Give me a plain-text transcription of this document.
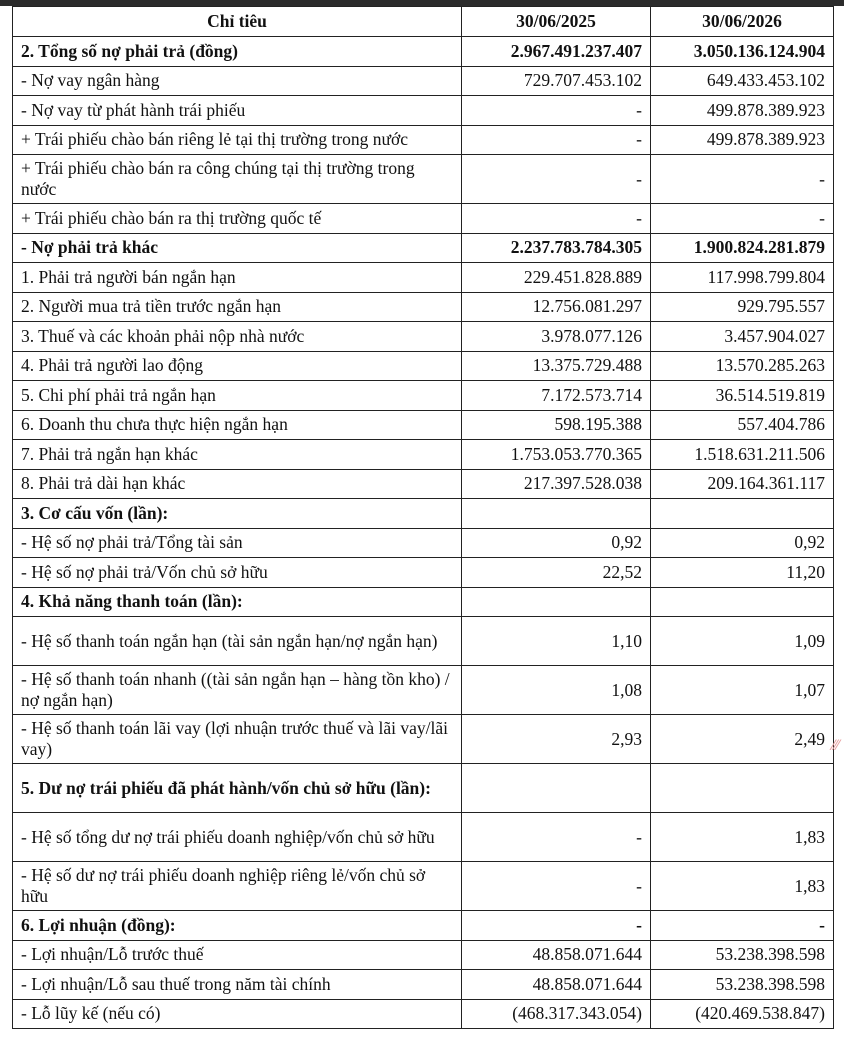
Chỉ tiêu	30/06/2025	30/06/2026
2. Tổng số nợ phải trả (đồng)	2.967.491.237.407	3.050.136.124.904
- Nợ vay ngân hàng	729.707.453.102	649.433.453.102
- Nợ vay từ phát hành trái phiếu	-	499.878.389.923
+ Trái phiếu chào bán riêng lẻ tại thị trường trong nước	-	499.878.389.923
+ Trái phiếu chào bán ra công chúng tại thị trường trong nước	-	-
+ Trái phiếu chào bán ra thị trường quốc tế	-	-
- Nợ phải trả khác	2.237.783.784.305	1.900.824.281.879
1. Phải trả người bán ngắn hạn	229.451.828.889	117.998.799.804
2. Người mua trả tiền trước ngắn hạn	12.756.081.297	929.795.557
3. Thuế và các khoản phải nộp nhà nước	3.978.077.126	3.457.904.027
4. Phải trả người lao động	13.375.729.488	13.570.285.263
5. Chi phí phải trả ngắn hạn	7.172.573.714	36.514.519.819
6. Doanh thu chưa thực hiện ngắn hạn	598.195.388	557.404.786
7. Phải trả ngắn hạn khác	1.753.053.770.365	1.518.631.211.506
8. Phải trả dài hạn khác	217.397.528.038	209.164.361.117
3. Cơ cấu vốn (lần):		
- Hệ số nợ phải trả/Tổng tài sản	0,92	0,92
- Hệ số nợ phải trả/Vốn chủ sở hữu	22,52	11,20
4. Khả năng thanh toán (lần):		
- Hệ số thanh toán ngắn hạn (tài sản ngắn hạn/nợ ngắn hạn)	1,10	1,09
- Hệ số thanh toán nhanh ((tài sản ngắn hạn – hàng tồn kho) / nợ ngắn hạn)	1,08	1,07
- Hệ số thanh toán lãi vay (lợi nhuận trước thuế và lãi vay/lãi vay)	2,93	2,49
5. Dư nợ trái phiếu đã phát hành/vốn chủ sở hữu (lần):		
- Hệ số tổng dư nợ trái phiếu doanh nghiệp/vốn chủ sở hữu	-	1,83
- Hệ số dư nợ trái phiếu doanh nghiệp riêng lẻ/vốn chủ sở hữu	-	1,83
6. Lợi nhuận (đồng):	-	-
- Lợi nhuận/Lỗ trước thuế	48.858.071.644	53.238.398.598
- Lợi nhuận/Lỗ sau thuế trong năm tài chính	48.858.071.644	53.238.398.598
- Lỗ lũy kế (nếu có)	(468.317.343.054)	(420.469.538.847)
⁄⁄⁄
